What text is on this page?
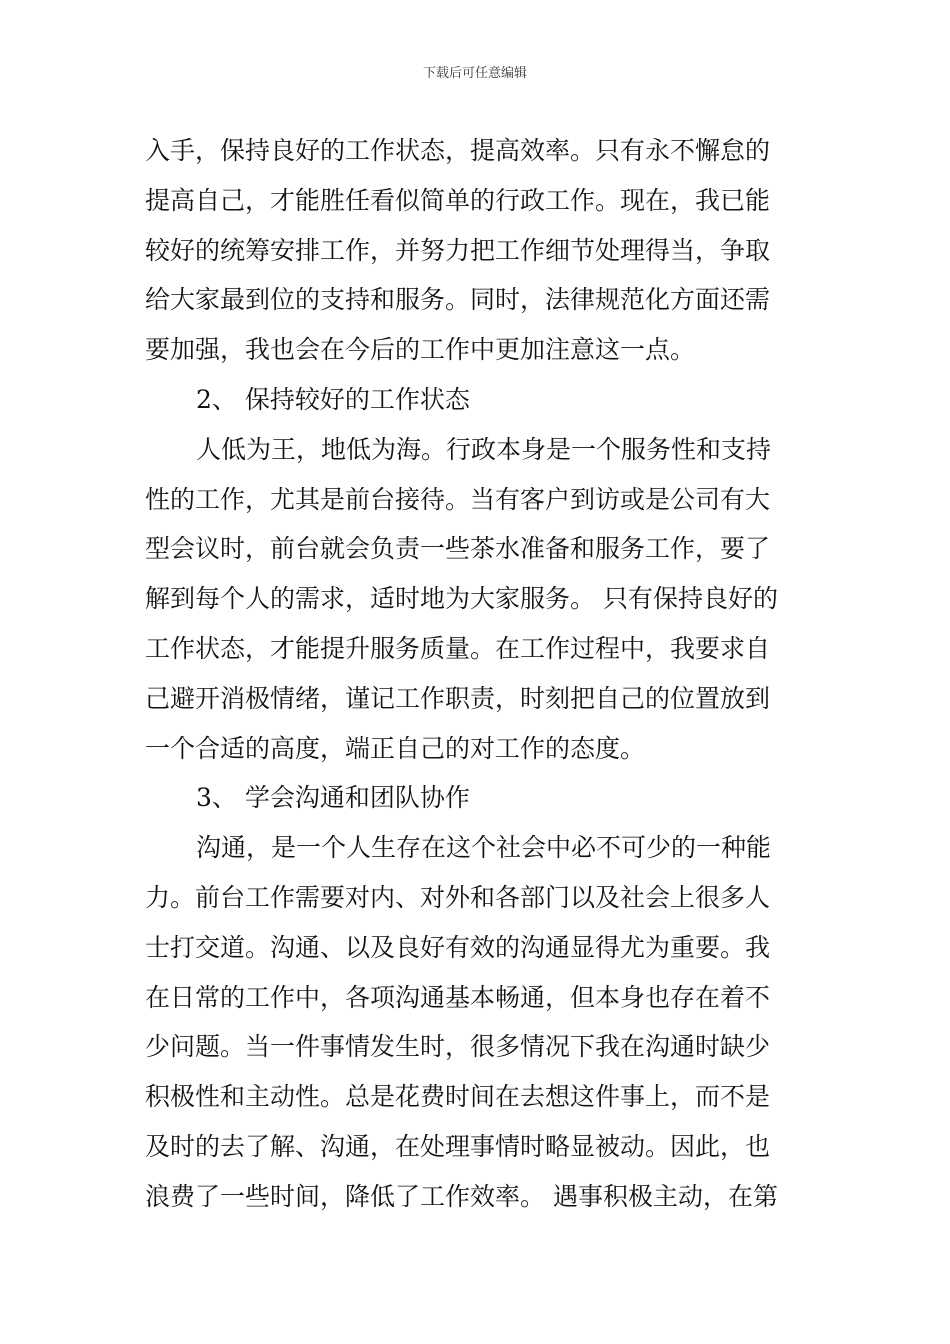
下载后可任意编辑
入手，保持良好的工作状态，提高效率。只有永不懈怠的
提高自己，才能胜任看似简单的行政工作。现在，我已能
较好的统筹安排工作，并努力把工作细节处理得当，争取
给大家最到位的支持和服务。同时，法律规范化方面还需
要加强，我也会在今后的工作中更加注意这一点。
2、 保持较好的工作状态
人低为王，地低为海。行政本身是一个服务性和支持
性的工作，尤其是前台接待。当有客户到访或是公司有大
型会议时，前台就会负责一些茶水准备和服务工作，要了
解到每个人的需求，适时地为大家服务。 只有保持良好的
工作状态，才能提升服务质量。在工作过程中，我要求自
己避开消极情绪，谨记工作职责，时刻把自己的位置放到
一个合适的高度，端正自己的对工作的态度。
3、 学会沟通和团队协作
沟通，是一个人生存在这个社会中必不可少的一种能
力。前台工作需要对内、对外和各部门以及社会上很多人
士打交道。沟通、以及良好有效的沟通显得尤为重要。我
在日常的工作中，各项沟通基本畅通，但本身也存在着不
少问题。当一件事情发生时，很多情况下我在沟通时缺少
积极性和主动性。总是花费时间在去想这件事上，而不是
及时的去了解、沟通，在处理事情时略显被动。因此，也
浪费了一些时间，降低了工作效率。 遇事积极主动，在第
